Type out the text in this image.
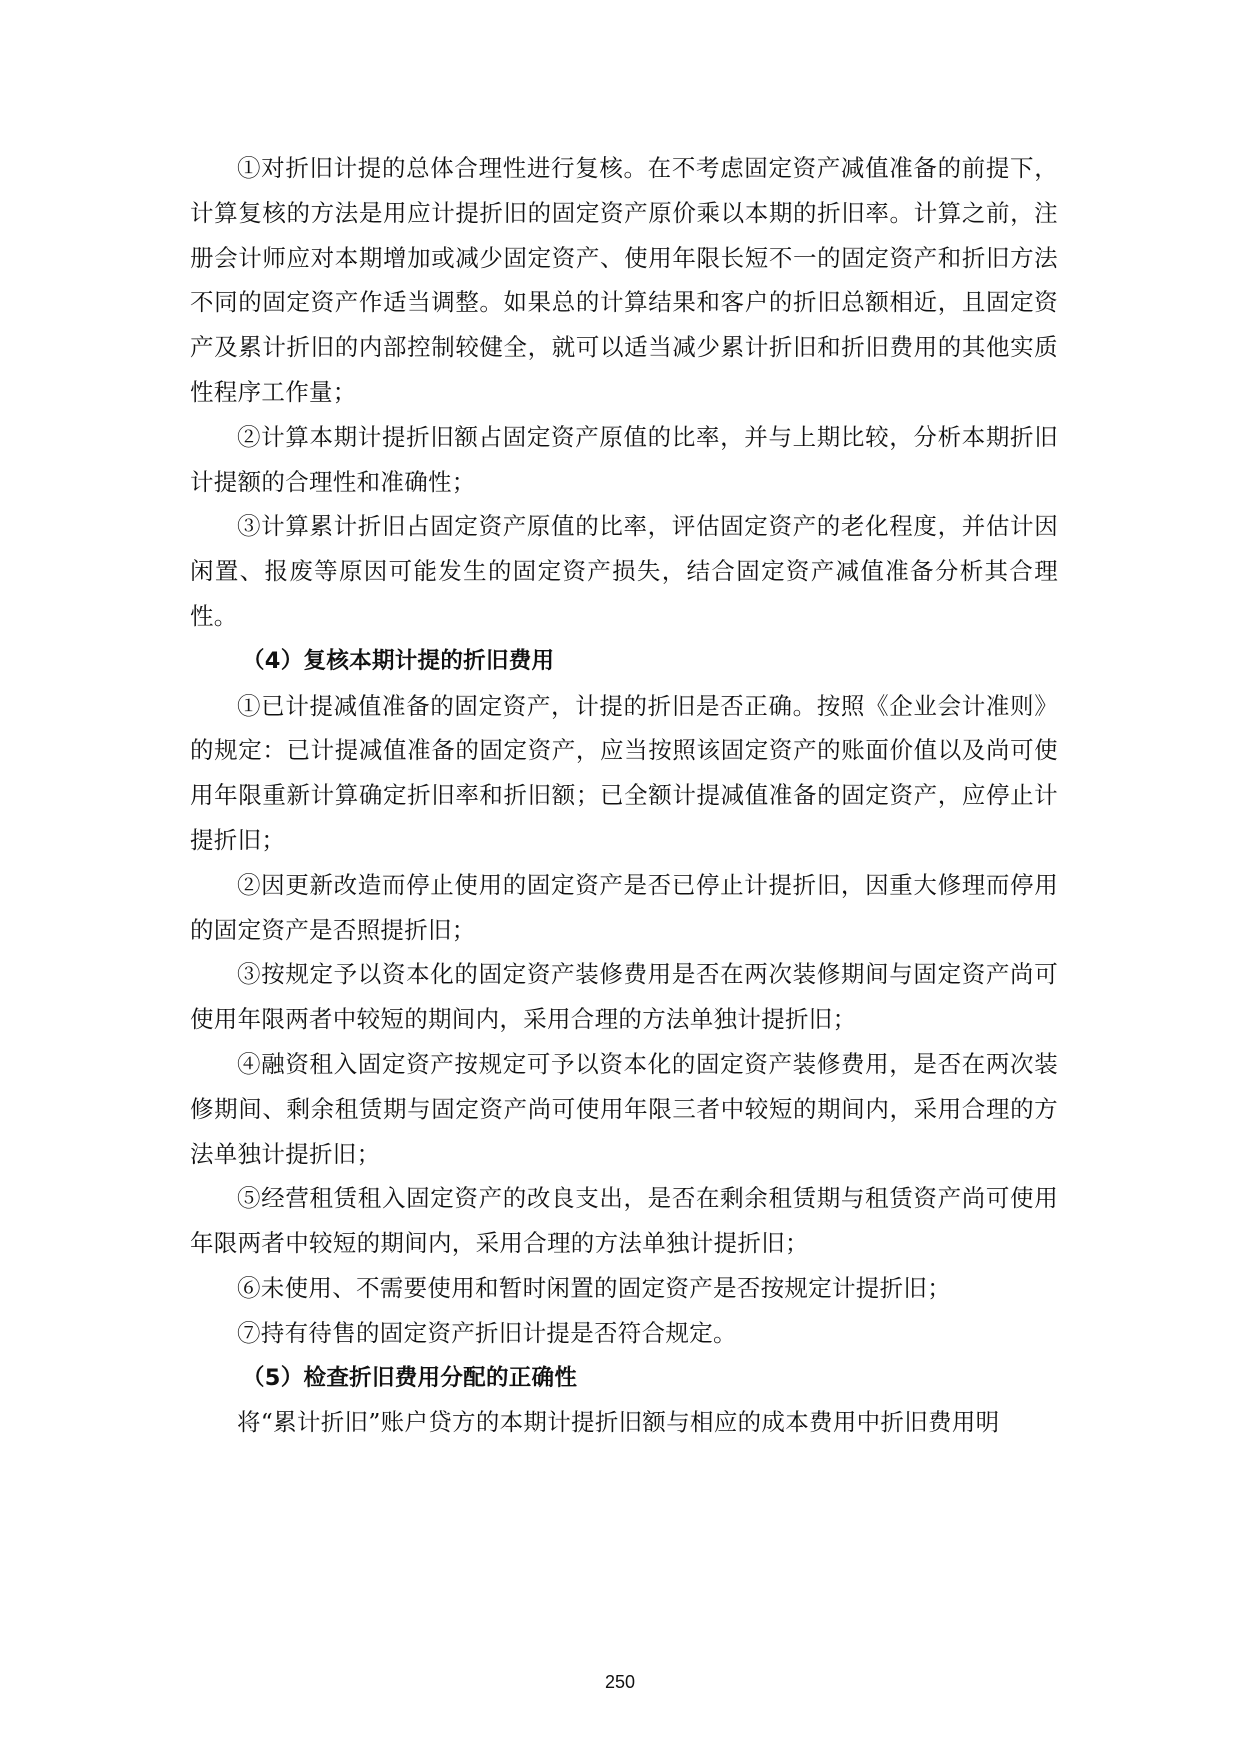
①对折旧计提的总体合理性进行复核。在不考虑固定资产减值准备的前提下，计算复核的方法是用应计提折旧的固定资产原价乘以本期的折旧率。计算之前，注册会计师应对本期增加或减少固定资产、使用年限长短不一的固定资产和折旧方法不同的固定资产作适当调整。如果总的计算结果和客户的折旧总额相近，且固定资产及累计折旧的内部控制较健全，就可以适当减少累计折旧和折旧费用的其他实质性程序工作量；

②计算本期计提折旧额占固定资产原值的比率，并与上期比较，分析本期折旧计提额的合理性和准确性；

③计算累计折旧占固定资产原值的比率，评估固定资产的老化程度，并估计因闲置、报废等原因可能发生的固定资产损失，结合固定资产减值准备分析其合理性。

（4）复核本期计提的折旧费用

①已计提减值准备的固定资产，计提的折旧是否正确。按照《企业会计准则》的规定：已计提减值准备的固定资产，应当按照该固定资产的账面价值以及尚可使用年限重新计算确定折旧率和折旧额；已全额计提减值准备的固定资产，应停止计提折旧；

②因更新改造而停止使用的固定资产是否已停止计提折旧，因重大修理而停用的固定资产是否照提折旧；

③按规定予以资本化的固定资产装修费用是否在两次装修期间与固定资产尚可使用年限两者中较短的期间内，采用合理的方法单独计提折旧；

④融资租入固定资产按规定可予以资本化的固定资产装修费用，是否在两次装修期间、剩余租赁期与固定资产尚可使用年限三者中较短的期间内，采用合理的方法单独计提折旧；

⑤经营租赁租入固定资产的改良支出，是否在剩余租赁期与租赁资产尚可使用年限两者中较短的期间内，采用合理的方法单独计提折旧；

⑥未使用、不需要使用和暂时闲置的固定资产是否按规定计提折旧；

⑦持有待售的固定资产折旧计提是否符合规定。

（5）检查折旧费用分配的正确性

将“累计折旧”账户贷方的本期计提折旧额与相应的成本费用中折旧费用明

250
